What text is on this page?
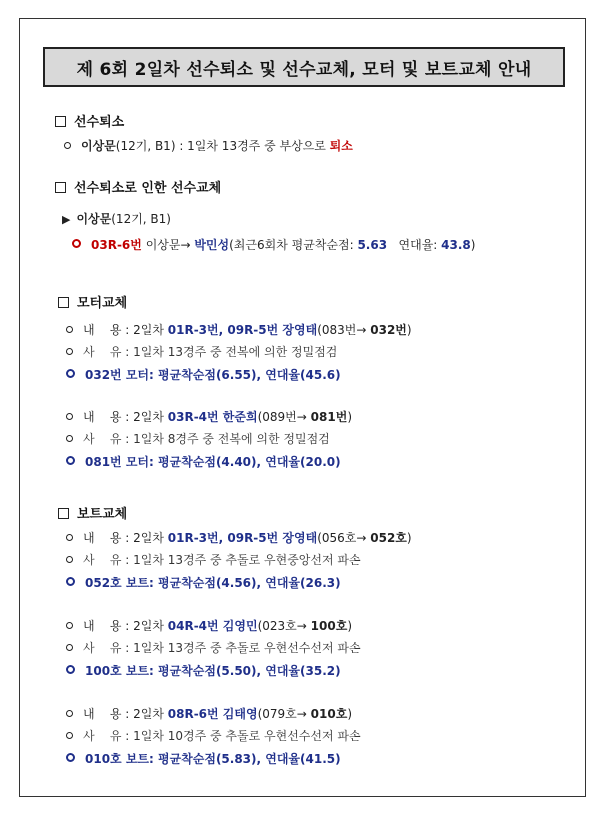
제 6회 2일차 선수퇴소 및 선수교체, 모터 및 보트교체 안내
선수퇴소
이상문(12기, B1) : 1일차 13경주 중 부상으로 퇴소
선수퇴소로 인한 선수교체
▶ 이상문(12기, B1)
03R-6번 이상문→ 박민성(최근6회차 평균착순점: 5.63   연대율: 43.8)
모터교체
내    용 : 2일차 01R-3번, 09R-5번 장영태(083번→ 032번)
사    유 : 1일차 13경주 중 전복에 의한 정밀점검
032번 모터: 평균착순점(6.55), 연대율(45.6)
내    용 : 2일차 03R-4번 한준희(089번→ 081번)
사    유 : 1일차 8경주 중 전복에 의한 정밀점검
081번 모터: 평균착순점(4.40), 연대율(20.0)
보트교체
내    용 : 2일차 01R-3번, 09R-5번 장영태(056호→ 052호)
사    유 : 1일차 13경주 중 추돌로 우현중앙선저 파손
052호 보트: 평균착순점(4.56), 연대율(26.3)
내    용 : 2일차 04R-4번 김영민(023호→ 100호)
사    유 : 1일차 13경주 중 추돌로 우현선수선저 파손
100호 보트: 평균착순점(5.50), 연대율(35.2)
내    용 : 2일차 08R-6번 김태영(079호→ 010호)
사    유 : 1일차 10경주 중 추돌로 우현선수선저 파손
010호 보트: 평균착순점(5.83), 연대율(41.5)
